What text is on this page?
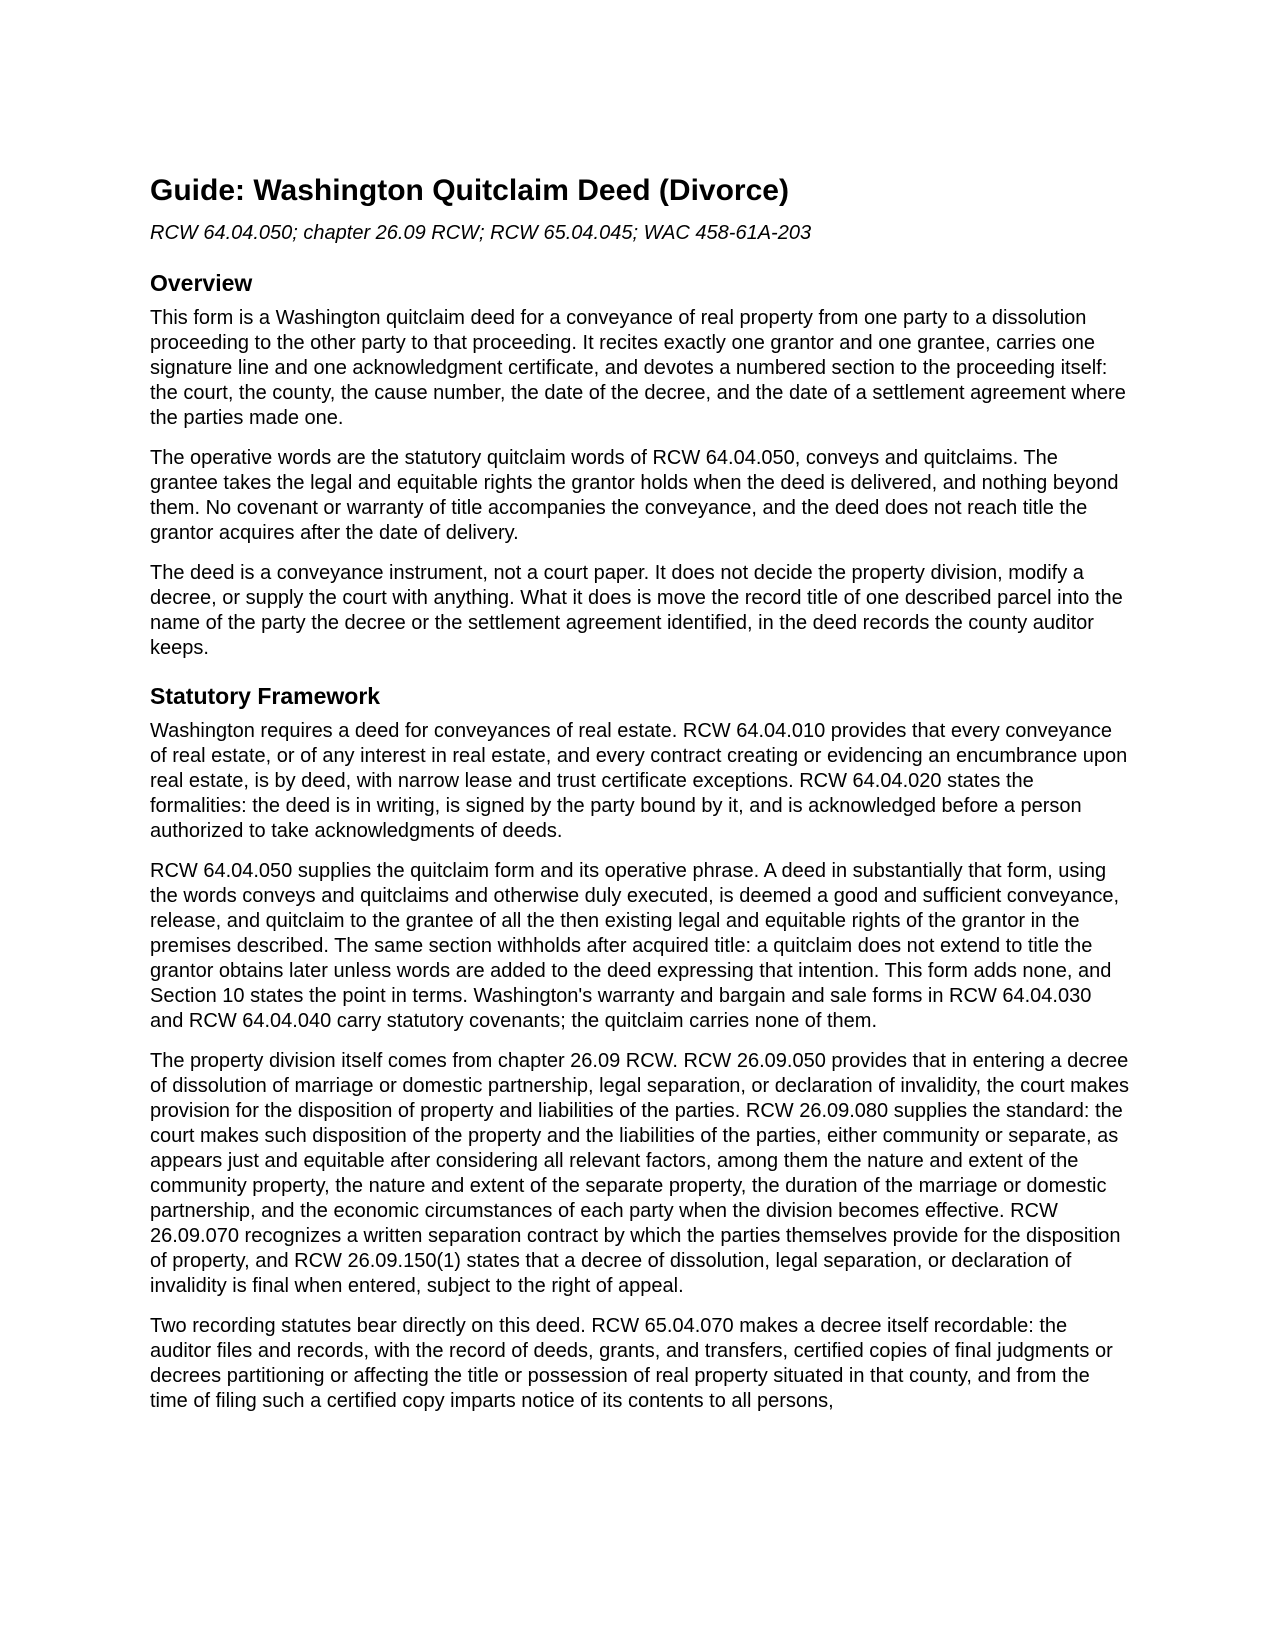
Guide: Washington Quitclaim Deed (Divorce)
RCW 64.04.050; chapter 26.09 RCW; RCW 65.04.045; WAC 458-61A-203
Overview

This form is a Washington quitclaim deed for a conveyance of real property from one party to a dissolution proceeding to the other party to that proceeding. It recites exactly one grantor and one grantee, carries one signature line and one acknowledgment certificate, and devotes a numbered section to the proceeding itself: the court, the county, the cause number, the date of the decree, and the date of a settlement agreement where the parties made one.

The operative words are the statutory quitclaim words of RCW 64.04.050, conveys and quitclaims. The grantee takes the legal and equitable rights the grantor holds when the deed is delivered, and nothing beyond them. No covenant or warranty of title accompanies the conveyance, and the deed does not reach title the grantor acquires after the date of delivery.

The deed is a conveyance instrument, not a court paper. It does not decide the property division, modify a decree, or supply the court with anything. What it does is move the record title of one described parcel into the name of the party the decree or the settlement agreement identified, in the deed records the county auditor keeps.

Statutory Framework

Washington requires a deed for conveyances of real estate. RCW 64.04.010 provides that every conveyance of real estate, or of any interest in real estate, and every contract creating or evidencing an encumbrance upon real estate, is by deed, with narrow lease and trust certificate exceptions. RCW 64.04.020 states the formalities: the deed is in writing, is signed by the party bound by it, and is acknowledged before a person authorized to take acknowledgments of deeds.

RCW 64.04.050 supplies the quitclaim form and its operative phrase. A deed in substantially that form, using the words conveys and quitclaims and otherwise duly executed, is deemed a good and sufficient conveyance, release, and quitclaim to the grantee of all the then existing legal and equitable rights of the grantor in the premises described. The same section withholds after acquired title: a quitclaim does not extend to title the grantor obtains later unless words are added to the deed expressing that intention. This form adds none, and Section 10 states the point in terms. Washington's warranty and bargain and sale forms in RCW 64.04.030 and RCW 64.04.040 carry statutory covenants; the quitclaim carries none of them.

The property division itself comes from chapter 26.09 RCW. RCW 26.09.050 provides that in entering a decree of dissolution of marriage or domestic partnership, legal separation, or declaration of invalidity, the court makes provision for the disposition of property and liabilities of the parties. RCW 26.09.080 supplies the standard: the court makes such disposition of the property and the liabilities of the parties, either community or separate, as appears just and equitable after considering all relevant factors, among them the nature and extent of the community property, the nature and extent of the separate property, the duration of the marriage or domestic partnership, and the economic circumstances of each party when the division becomes effective. RCW 26.09.070 recognizes a written separation contract by which the parties themselves provide for the disposition of property, and RCW 26.09.150(1) states that a decree of dissolution, legal separation, or declaration of invalidity is final when entered, subject to the right of appeal.

Two recording statutes bear directly on this deed. RCW 65.04.070 makes a decree itself recordable: the auditor files and records, with the record of deeds, grants, and transfers, certified copies of final judgments or decrees partitioning or affecting the title or possession of real property situated in that county, and from the time of filing such a certified copy imparts notice of its contents to all persons,
